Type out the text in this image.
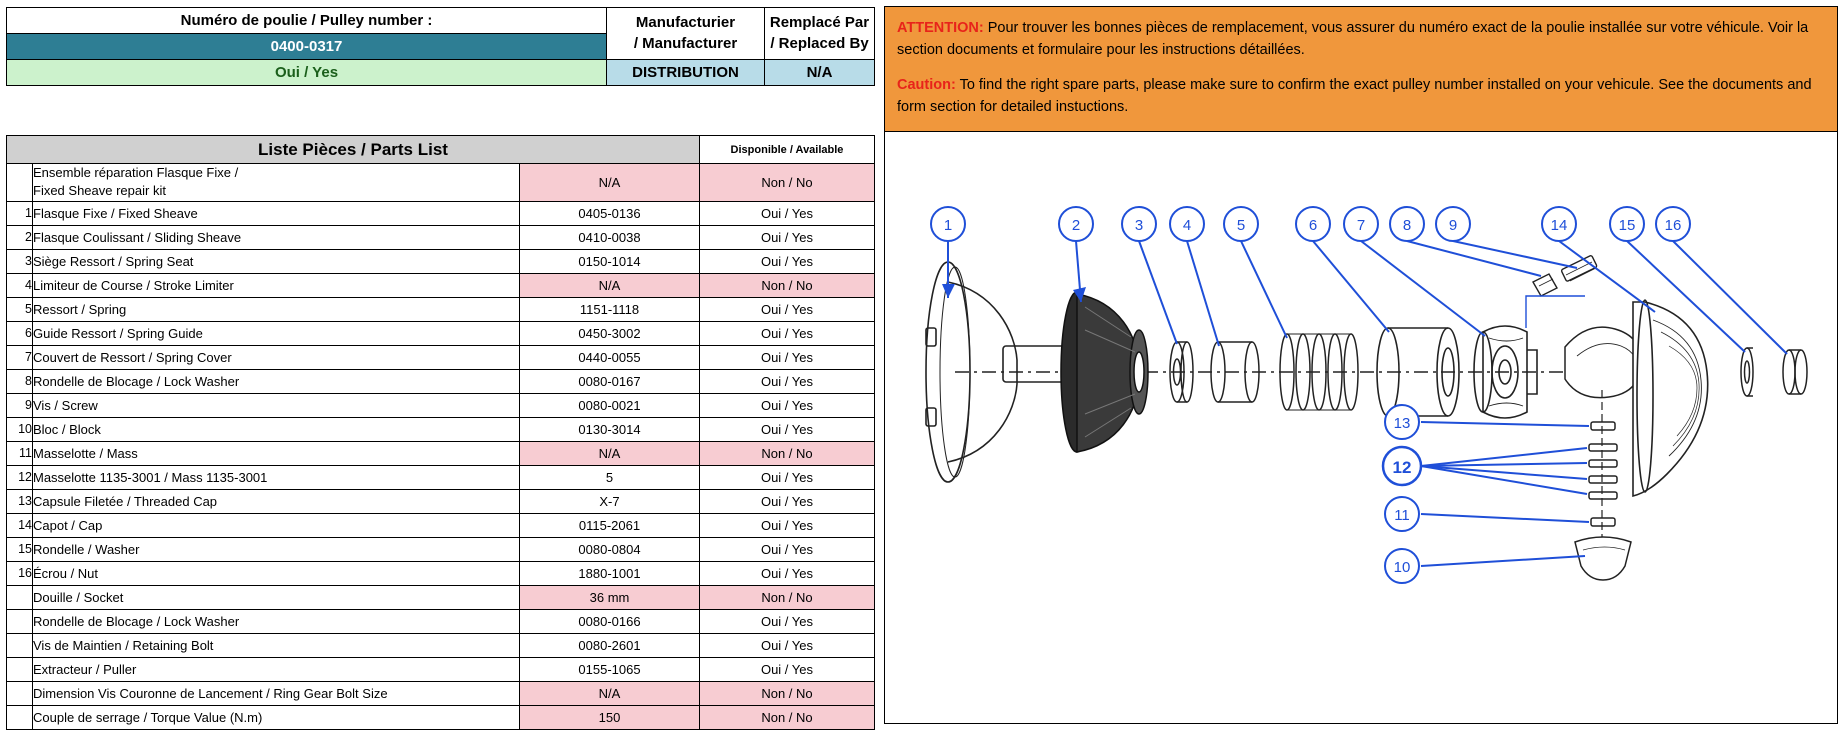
Numéro de poulie / Pulley number :	Manufacturier
/ Manufacturer

Remplacé Par
/ Replaced By

0400-0317		
Oui / Yes	DISTRIBUTION	N/A
Liste Pièces / Parts List			Disponible / Available

	Ensemble réparation Flasque Fixe /
Fixed Sheave repair kit	N/A	Non / No
1	Flasque Fixe / Fixed Sheave	0405-0136	Oui / Yes
2	Flasque Coulissant / Sliding Sheave	0410-0038	Oui / Yes
3	Siège Ressort / Spring Seat	0150-1014	Oui / Yes
4	Limiteur de Course / Stroke Limiter	N/A	Non / No
5	Ressort / Spring	1151-1118	Oui / Yes
6	Guide Ressort / Spring Guide	0450-3002	Oui / Yes
7	Couvert de Ressort / Spring Cover	0440-0055	Oui / Yes
8	Rondelle de Blocage / Lock Washer	0080-0167	Oui / Yes
9	Vis / Screw	0080-0021	Oui / Yes
10	Bloc / Block	0130-3014	Oui / Yes
11	Masselotte / Mass	N/A	Non / No
12	Masselotte 1135-3001 / Mass 1135-3001	5	Oui / Yes
13	Capsule Filetée / Threaded Cap	X-7	Oui / Yes
14	Capot / Cap	0115-2061	Oui / Yes
15	Rondelle / Washer	0080-0804	Oui / Yes
16	Écrou / Nut	1880-1001	Oui / Yes
	Douille / Socket	36 mm	Non / No
	Rondelle de Blocage / Lock Washer	0080-0166	Oui / Yes
	Vis de Maintien / Retaining Bolt	0080-2601	Oui / Yes
	Extracteur / Puller	0155-1065	Oui / Yes
	Dimension Vis Couronne de Lancement / Ring Gear Bolt Size	N/A	Non / No
	Couple de serrage / Torque Value (N.m)	150	Non / No

ATTENTION: Pour trouver les bonnes pièces de remplacement, vous assurer du numéro exact de la poulie installée sur votre véhicule. Voir la section documents et formulaire pour les instructions détaillées.

Caution: To find the right spare parts, please make sure to confirm the exact pulley number installed on your vehicule. See the documents and form section for detailed instuctions.

1	2	3	4	5	6	7	8	9	14	15 16
13
12
11
10
